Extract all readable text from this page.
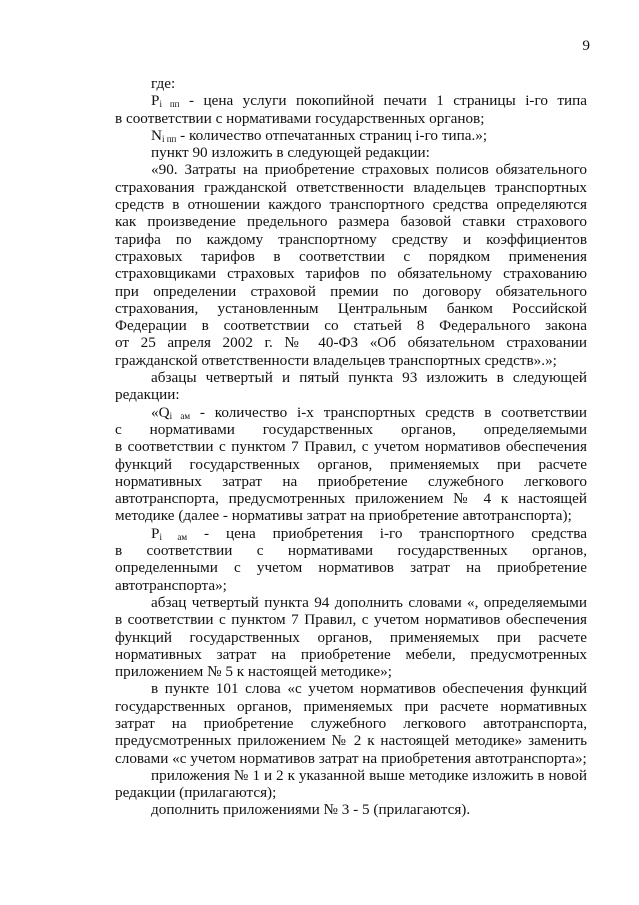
9
где:
$P_{i пп}$ - цена услуги покопийной печати 1 страницы i-го типа
в соответствии с нормативами государственных органов;
$N_{i пп}$ - количество отпечатанных страниц i-го типа.»;
пункт 90 изложить в следующей редакции:
«90. Затраты на приобретение страховых полисов обязательного
страхования гражданской ответственности владельцев транспортных
средств в отношении каждого транспортного средства определяются
как произведение предельного размера базовой ставки страхового
тарифа по каждому транспортному средству и коэффициентов
страховых тарифов в соответствии с порядком применения
страховщиками страховых тарифов по обязательному страхованию
при определении страховой премии по договору обязательного
страхования, установленным Центральным банком Российской
Федерации в соответствии со статьей 8 Федерального закона
от 25 апреля 2002 г. № 40-ФЗ «Об обязательном страховании
гражданской ответственности владельцев транспортных средств».»;
абзацы четвертый и пятый пункта 93 изложить в следующей
редакции:
«$Q_{i ам}$ - количество i-х транспортных средств в соответствии
с нормативами государственных органов, определяемыми
в соответствии с пунктом 7 Правил, с учетом нормативов обеспечения
функций государственных органов, применяемых при расчете
нормативных затрат на приобретение служебного легкового
автотранспорта, предусмотренных приложением № 4 к настоящей
методике (далее - нормативы затрат на приобретение автотранспорта);
$P_{i ам}$ - цена приобретения i-го транспортного средства
в соответствии с нормативами государственных органов,
определенными с учетом нормативов затрат на приобретение
автотранспорта»;
абзац четвертый пункта 94 дополнить словами «, определяемыми
в соответствии с пунктом 7 Правил, с учетом нормативов обеспечения
функций государственных органов, применяемых при расчете
нормативных затрат на приобретение мебели, предусмотренных
приложением № 5 к настоящей методике»;
в пункте 101 слова «с учетом нормативов обеспечения функций
государственных органов, применяемых при расчете нормативных
затрат на приобретение служебного легкового автотранспорта,
предусмотренных приложением № 2 к настоящей методике» заменить
словами «с учетом нормативов затрат на приобретения автотранспорта»;
приложения № 1 и 2 к указанной выше методике изложить в новой
редакции (прилагаются);
дополнить приложениями № 3 - 5 (прилагаются).
